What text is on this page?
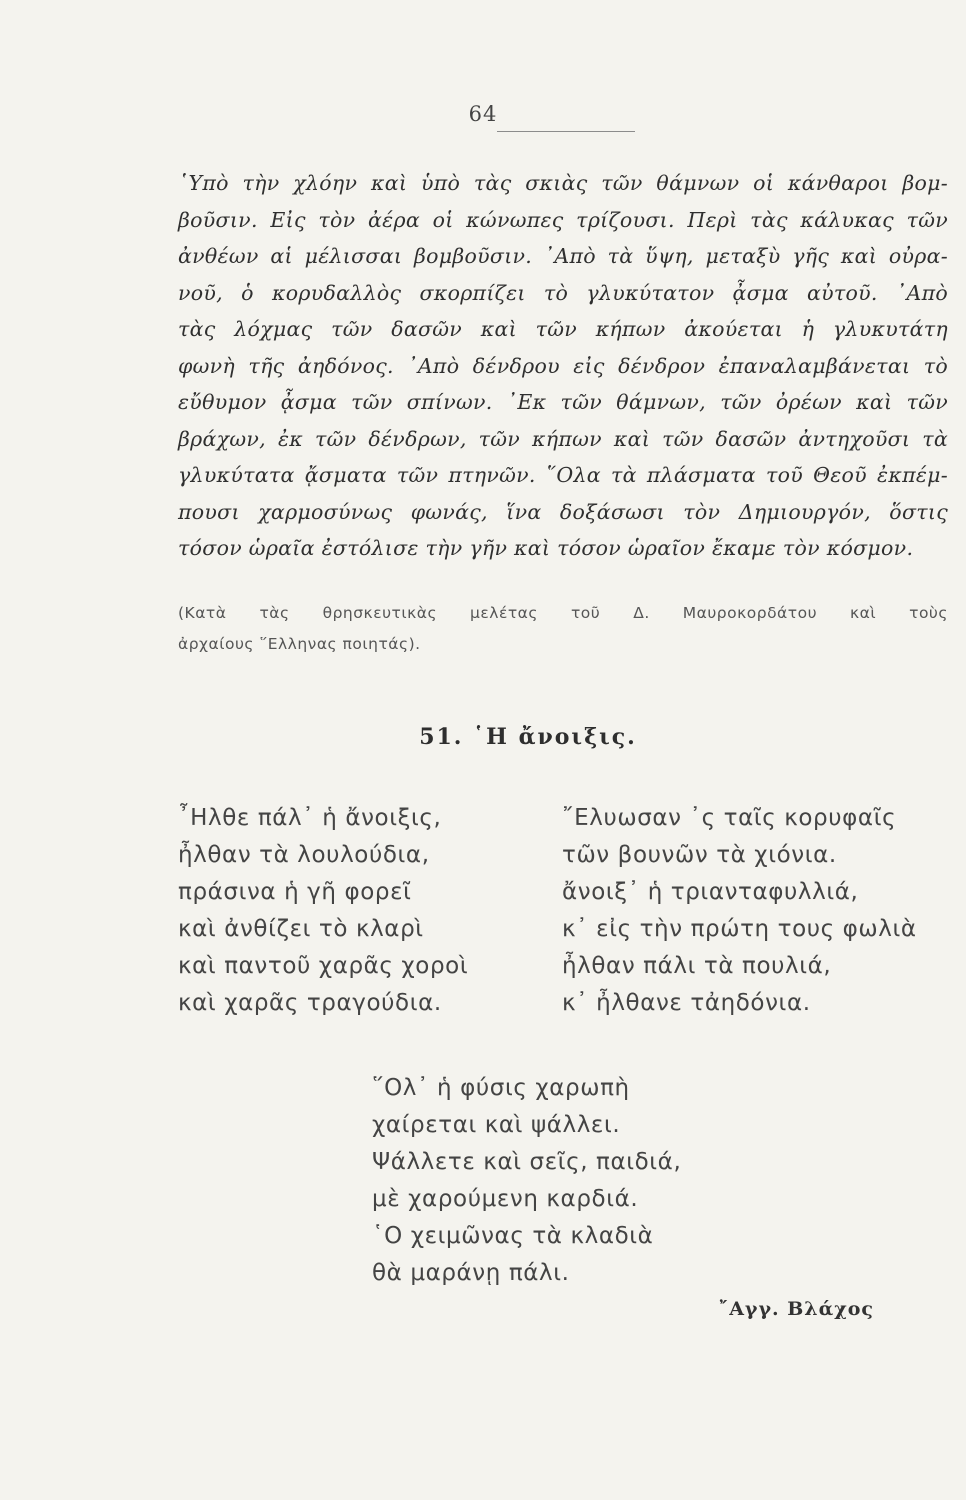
64
῾Υπὸ τὴν χλόην καὶ ὑπὸ τὰς σκιὰς τῶν θάμνων οἱ κάνθαροι βομ-
βοῦσιν. Εἰς τὸν ἀέρα οἱ κώνωπες τρίζουσι. Περὶ τὰς κάλυκας τῶν
ἀνθέων αἱ μέλισσαι βομβοῦσιν. ᾿Απὸ τὰ ὕψη, μεταξὺ γῆς καὶ οὐρα-
νοῦ, ὁ κορυδαλλὸς σκορπίζει τὸ γλυκύτατον ᾆσμα αὐτοῦ. ᾿Απὸ
τὰς λόχμας τῶν δασῶν καὶ τῶν κήπων ἀκούεται ἡ γλυκυτάτη
φωνὴ τῆς ἀηδόνος. ᾿Απὸ δένδρου εἰς δένδρον ἐπαναλαμβάνεται τὸ
εὔθυμον ᾆσμα τῶν σπίνων. ᾿Εκ τῶν θάμνων, τῶν ὀρέων καὶ τῶν
βράχων, ἐκ τῶν δένδρων, τῶν κήπων καὶ τῶν δασῶν ἀντηχοῦσι τὰ
γλυκύτατα ᾄσματα τῶν πτηνῶν. ῞Ολα τὰ πλάσματα τοῦ Θεοῦ ἐκπέμ-
πουσι χαρμοσύνως φωνάς, ἵνα δοξάσωσι τὸν Δημιουργόν, ὅστις
τόσον ὡραῖα ἐστόλισε τὴν γῆν καὶ τόσον ὡραῖον ἔκαμε τὸν κόσμον.
(Κατὰ τὰς θρησκευτικὰς μελέτας τοῦ Δ. Μαυροκορδάτου καὶ τοὺς
ἀρχαίους ῞Ελληνας ποιητάς).
51. ῾Η ἄνοιξις.
῏Ηλθε πάλ᾿ ἡ ἄνοιξις,
ἦλθαν τὰ λουλούδια,
πράσινα ἡ γῆ φορεῖ
καὶ ἀνθίζει τὸ κλαρὶ
καὶ παντοῦ χαρᾶς χοροὶ
καὶ χαρᾶς τραγούδια.
῎Ελυωσαν ᾽ς ταῖς κορυφαῖς
τῶν βουνῶν τὰ χιόνια.
ἄνοιξ᾿ ἡ τριανταφυλλιά,
κ᾿ εἰς τὴν πρώτη τους φωλιὰ
ἦλθαν πάλι τὰ πουλιά,
κ᾿ ἦλθανε τἀηδόνια.
῞Ολ᾿ ἡ φύσις χαρωπὴ
χαίρεται καὶ ψάλλει.
Ψάλλετε καὶ σεῖς, παιδιά,
μὲ χαρούμενη καρδιά.
῾Ο χειμῶνας τὰ κλαδιὰ
θὰ μαράνῃ πάλι.
῎Αγγ. Βλάχος
